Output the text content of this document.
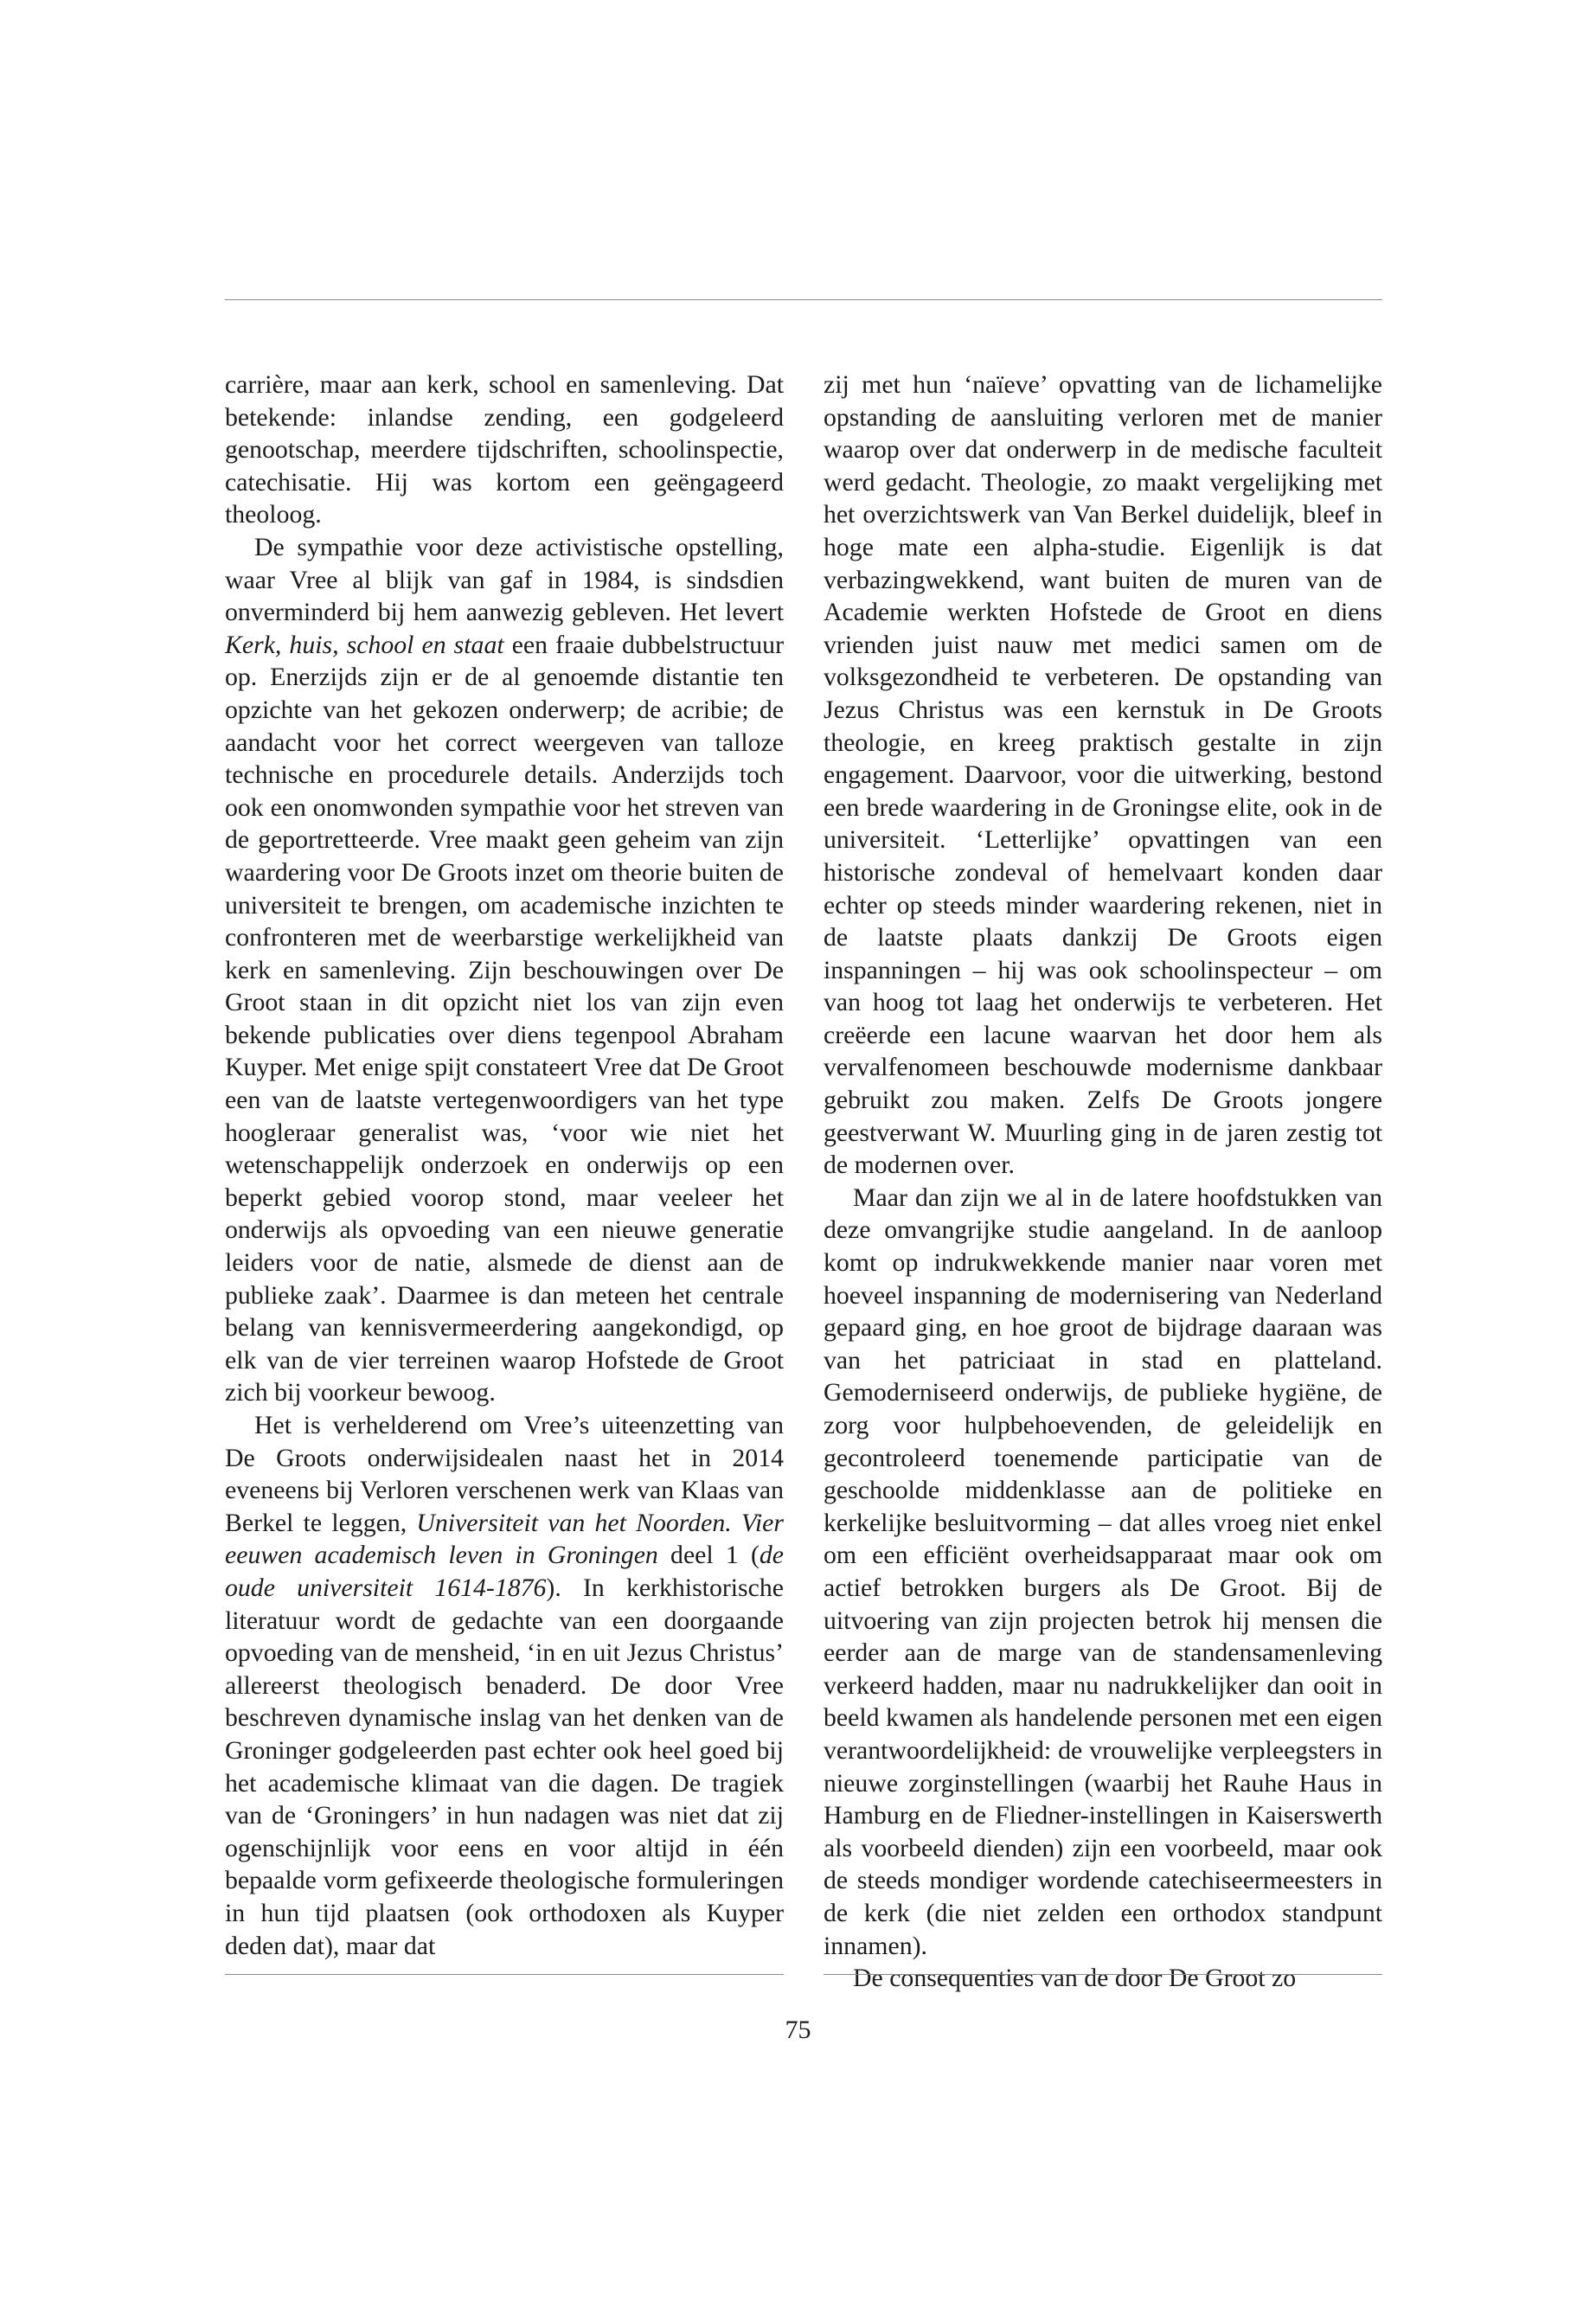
carrière, maar aan kerk, school en samenleving. Dat betekende: inlandse zending, een godgeleerd genootschap, meerdere tijdschriften, schoolinspectie, catechisatie. Hij was kortom een geëngageerd theoloog.

De sympathie voor deze activistische opstelling, waar Vree al blijk van gaf in 1984, is sindsdien onverminderd bij hem aanwezig gebleven. Het levert Kerk, huis, school en staat een fraaie dubbelstructuur op. Enerzijds zijn er de al genoemde distantie ten opzichte van het gekozen onderwerp; de acribie; de aandacht voor het correct weergeven van talloze technische en procedurele details. Anderzijds toch ook een onomwonden sympathie voor het streven van de geportretteerde. Vree maakt geen geheim van zijn waardering voor De Groots inzet om theorie buiten de universiteit te brengen, om academische inzichten te confronteren met de weerbarstige werkelijkheid van kerk en samenleving. Zijn beschouwingen over De Groot staan in dit opzicht niet los van zijn even bekende publicaties over diens tegenpool Abraham Kuyper. Met enige spijt constateert Vree dat De Groot een van de laatste vertegenwoordigers van het type hoogleraar generalist was, ‘voor wie niet het wetenschappelijk onderzoek en onderwijs op een beperkt gebied voorop stond, maar veeleer het onderwijs als opvoeding van een nieuwe generatie leiders voor de natie, alsmede de dienst aan de publieke zaak’. Daarmee is dan meteen het centrale belang van kennisvermeerdering aangekondigd, op elk van de vier terreinen waarop Hofstede de Groot zich bij voorkeur bewoog.

Het is verhelderend om Vree’s uiteenzetting van De Groots onderwijsidealen naast het in 2014 eveneens bij Verloren verschenen werk van Klaas van Berkel te leggen, Universiteit van het Noorden. Vier eeuwen academisch leven in Groningen deel 1 (de oude universiteit 1614-1876). In kerkhistorische literatuur wordt de gedachte van een doorgaande opvoeding van de mensheid, ‘in en uit Jezus Christus’ allereerst theologisch benaderd. De door Vree beschreven dynamische inslag van het denken van de Groninger godgeleerden past echter ook heel goed bij het academische klimaat van die dagen. De tragiek van de ‘Groningers’ in hun nadagen was niet dat zij ogenschijnlijk voor eens en voor altijd in één bepaalde vorm gefixeerde theologische formuleringen in hun tijd plaatsen (ook orthodoxen als Kuyper deden dat), maar dat

zij met hun ‘naïeve’ opvatting van de lichamelijke opstanding de aansluiting verloren met de manier waarop over dat onderwerp in de medische faculteit werd gedacht. Theologie, zo maakt vergelijking met het overzichtswerk van Van Berkel duidelijk, bleef in hoge mate een alpha-studie. Eigenlijk is dat verbazingwekkend, want buiten de muren van de Academie werkten Hofstede de Groot en diens vrienden juist nauw met medici samen om de volksgezondheid te verbeteren. De opstanding van Jezus Christus was een kernstuk in De Groots theologie, en kreeg praktisch gestalte in zijn engagement. Daarvoor, voor die uitwerking, bestond een brede waardering in de Groningse elite, ook in de universiteit. ‘Letterlijke’ opvattingen van een historische zondeval of hemelvaart konden daar echter op steeds minder waardering rekenen, niet in de laatste plaats dankzij De Groots eigen inspanningen – hij was ook schoolinspecteur – om van hoog tot laag het onderwijs te verbeteren. Het creëerde een lacune waarvan het door hem als vervalfenomeen beschouwde modernisme dankbaar gebruikt zou maken. Zelfs De Groots jongere geestverwant W. Muurling ging in de jaren zestig tot de modernen over.

Maar dan zijn we al in de latere hoofdstukken van deze omvangrijke studie aangeland. In de aanloop komt op indrukwekkende manier naar voren met hoeveel inspanning de modernisering van Nederland gepaard ging, en hoe groot de bijdrage daaraan was van het patriciaat in stad en platteland. Gemoderniseerd onderwijs, de publieke hygiëne, de zorg voor hulpbehoevenden, de geleidelijk en gecontroleerd toenemende participatie van de geschoolde middenklasse aan de politieke en kerkelijke besluitvorming – dat alles vroeg niet enkel om een efficiënt overheidsapparaat maar ook om actief betrokken burgers als De Groot. Bij de uitvoering van zijn projecten betrok hij mensen die eerder aan de marge van de standensamenleving verkeerd hadden, maar nu nadrukkelijker dan ooit in beeld kwamen als handelende personen met een eigen verantwoordelijkheid: de vrouwelijke verpleegsters in nieuwe zorginstellingen (waarbij het Rauhe Haus in Hamburg en de Fliedner-instellingen in Kaiserswerth als voorbeeld dienden) zijn een voorbeeld, maar ook de steeds mondiger wordende catechiseermeesters in de kerk (die niet zelden een orthodox standpunt innamen).

De consequenties van de door De Groot zo

75
